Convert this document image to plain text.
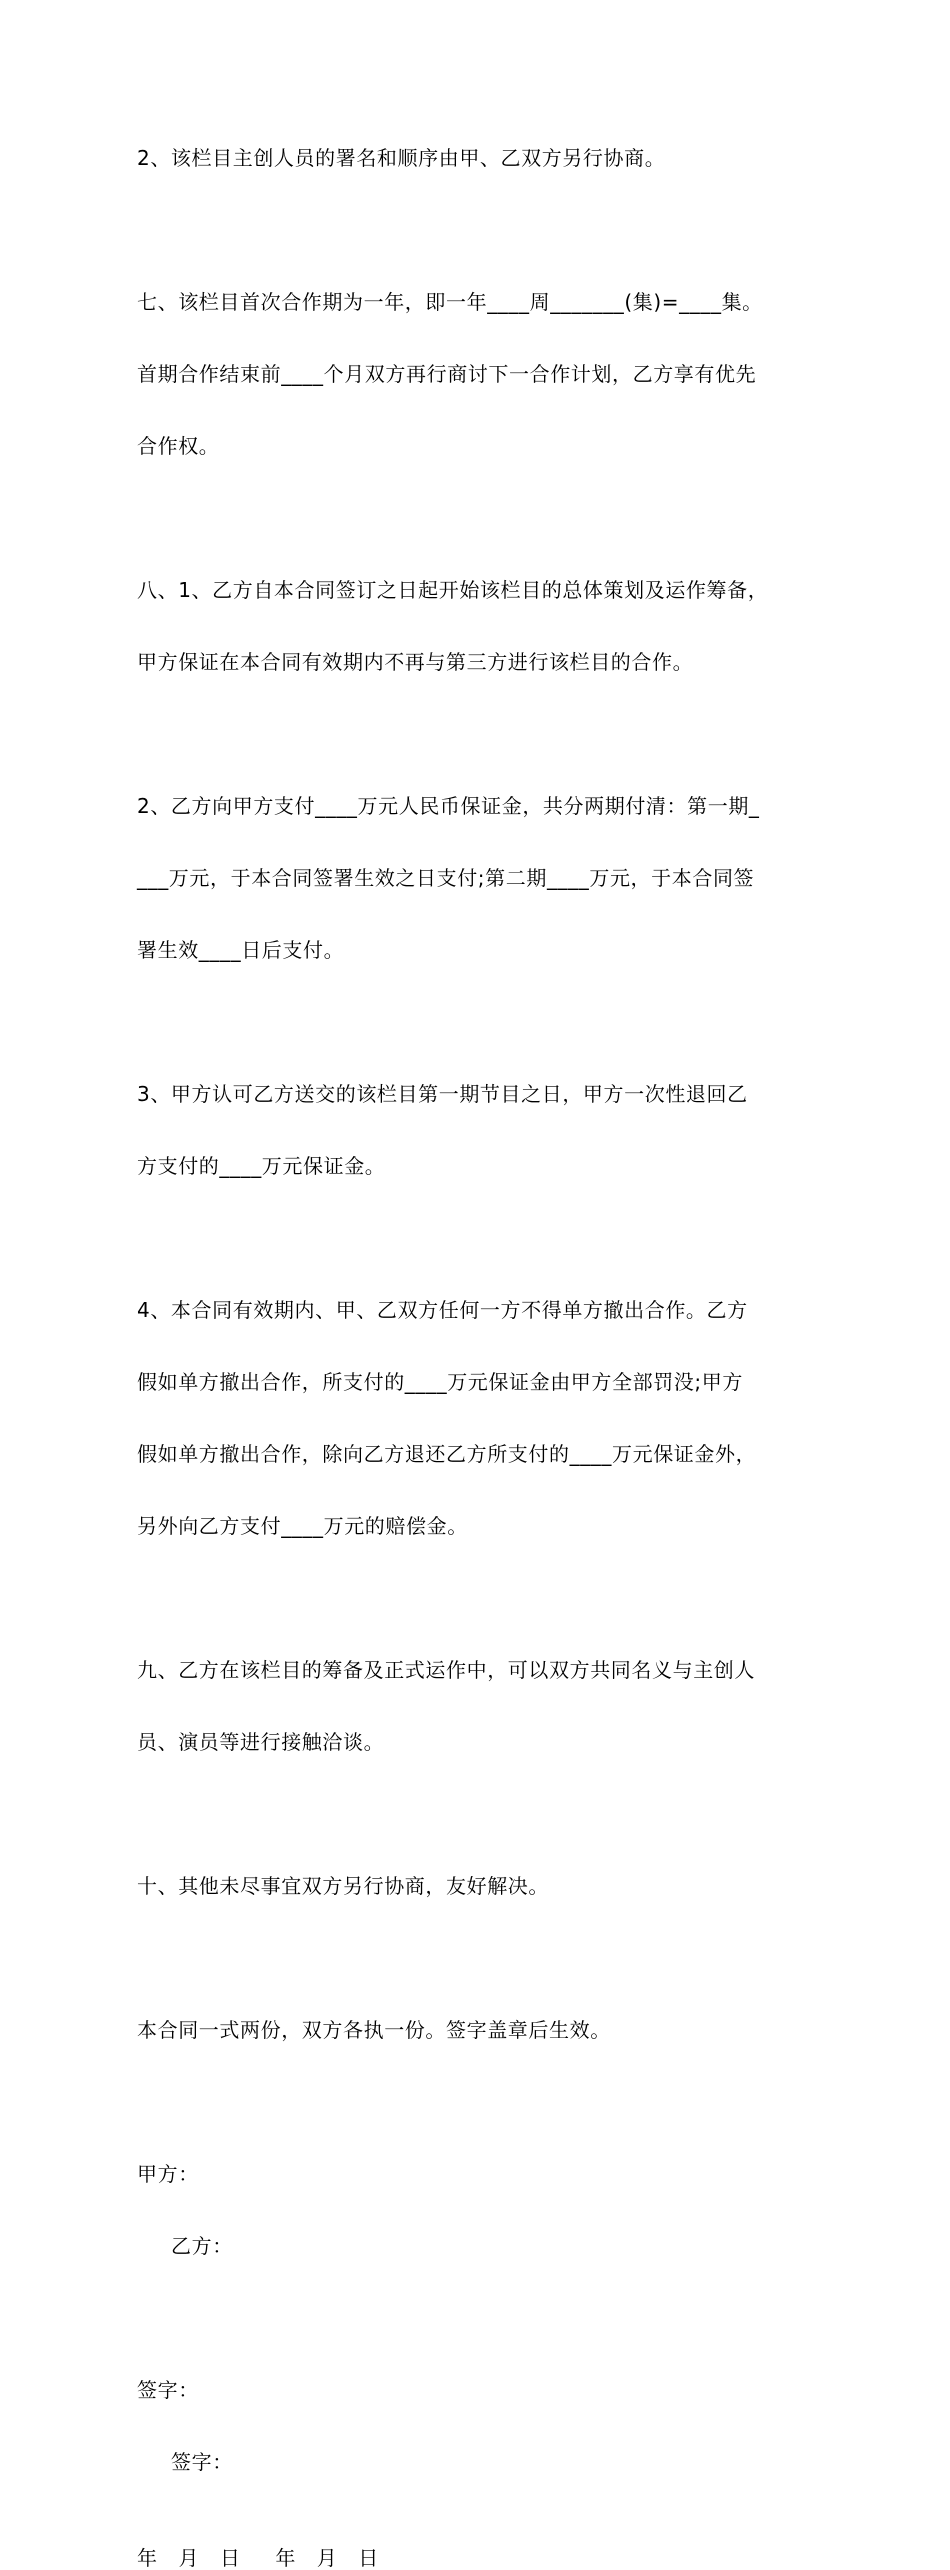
2、该栏目主创人员的署名和顺序由甲、乙双方另行协商。

七、该栏目首次合作期为一年，即一年____周_______(集)=____集。

首期合作结束前____个月双方再行商讨下一合作计划，乙方享有优先

合作权。

八、1、乙方自本合同签订之日起开始该栏目的总体策划及运作筹备，

甲方保证在本合同有效期内不再与第三方进行该栏目的合作。

2、乙方向甲方支付____万元人民币保证金，共分两期付清：第一期_

___万元，于本合同签署生效之日支付;第二期____万元，于本合同签

署生效____日后支付。

3、甲方认可乙方送交的该栏目第一期节目之日，甲方一次性退回乙

方支付的____万元保证金。

4、本合同有效期内、甲、乙双方任何一方不得单方撤出合作。乙方

假如单方撤出合作，所支付的____万元保证金由甲方全部罚没;甲方

假如单方撤出合作，除向乙方退还乙方所支付的____万元保证金外，

另外向乙方支付____万元的赔偿金。

九、乙方在该栏目的筹备及正式运作中，可以双方共同名义与主创人

员、演员等进行接触洽谈。

十、其他未尽事宜双方另行协商，友好解决。

本合同一式两份，双方各执一份。签字盖章后生效。

甲方：

乙方：

签字：

签字：

年   月   日     年   月   日
